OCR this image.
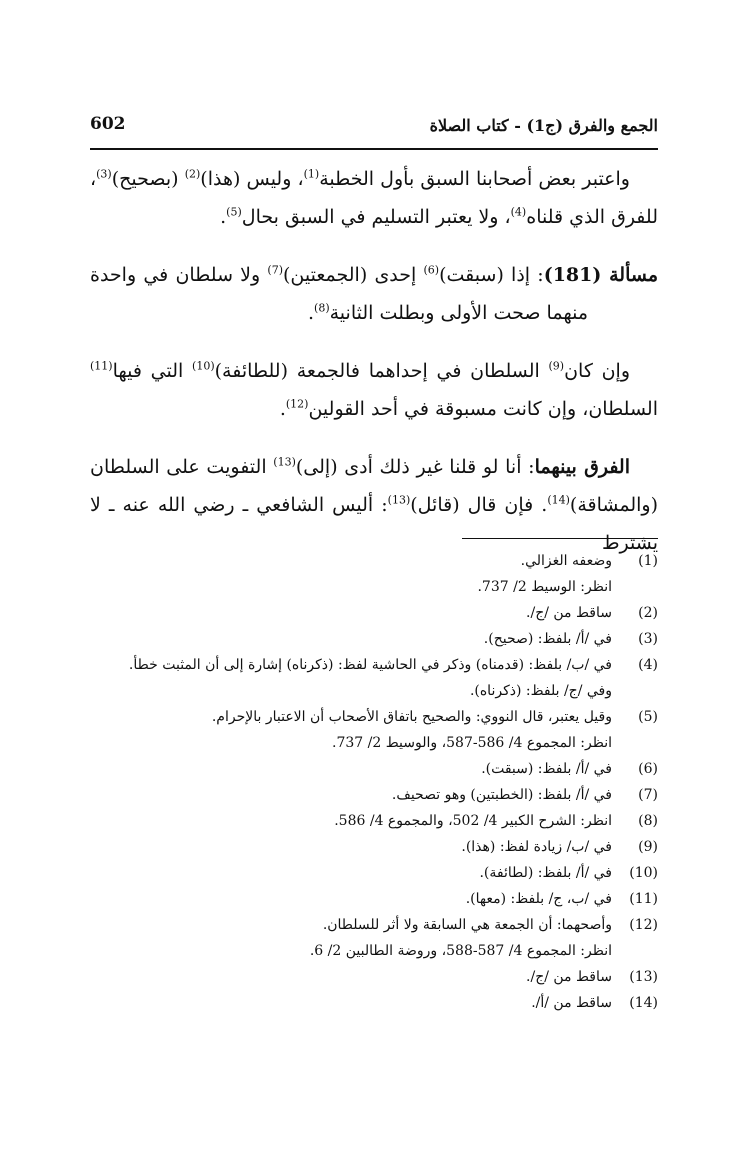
الجمع والفرق (ج1) - كتاب الصلاة
602

واعتبر بعض أصحابنا السبق بأول الخطبة$^{(1)}$، وليس (هذا)$^{(2)}$ (بصحيح)$^{(3)}$، للفرق الذي قلناه$^{(4)}$، ولا يعتبر التسليم في السبق بحال$^{(5)}$.

مسألة (181): إذا (سبقت)$^{(6)}$ إحدى (الجمعتين)$^{(7)}$ ولا سلطان في واحدة منهما صحت الأولى وبطلت الثانية$^{(8)}$.

وإن كان$^{(9)}$ السلطان في إحداهما فالجمعة (للطائفة)$^{(10)}$ التي فيها$^{(11)}$ السلطان، وإن كانت مسبوقة في أحد القولين$^{(12)}$.

الفرق بينهما: أنا لو قلنا غير ذلك أدى (إلى)$^{(13)}$ التفويت على السلطان (والمشاقة)$^{(14)}$. فإن قال (قائل)$^{(13)}$: أليس الشافعي ـ رضي الله عنه ـ لا يشترط

(1)
وضعفه الغزالي.
انظر: الوسيط 2/ 737.
(2)
ساقط من /ج/.
(3)
في /أ/ بلفظ: (صحيح).
(4)
في /ب/ بلفظ: (قدمناه) وذكر في الحاشية لفظ: (ذكرناه) إشارة إلى أن المثبت خطأ.
وفي /ج/ بلفظ: (ذكرناه).
(5)
وقيل يعتبر، قال النووي: والصحيح باتفاق الأصحاب أن الاعتبار بالإحرام.
انظر: المجموع 4/ 586-587، والوسيط 2/ 737.
(6)
في /أ/ بلفظ: (سبقت).
(7)
في /أ/ بلفظ: (الخطبتين) وهو تصحيف.
(8)
انظر: الشرح الكبير 4/ 502، والمجموع 4/ 586.
(9)
في /ب/ زيادة لفظ: (هذا).
(10)
في /أ/ بلفظ: (لطائفة).
(11)
في /ب، ج/ بلفظ: (معها).
(12)
وأصحهما: أن الجمعة هي السابقة ولا أثر للسلطان.
انظر: المجموع 4/ 587-588، وروضة الطالبين 2/ 6.
(13)
ساقط من /ج/.
(14)
ساقط من /أ/.
